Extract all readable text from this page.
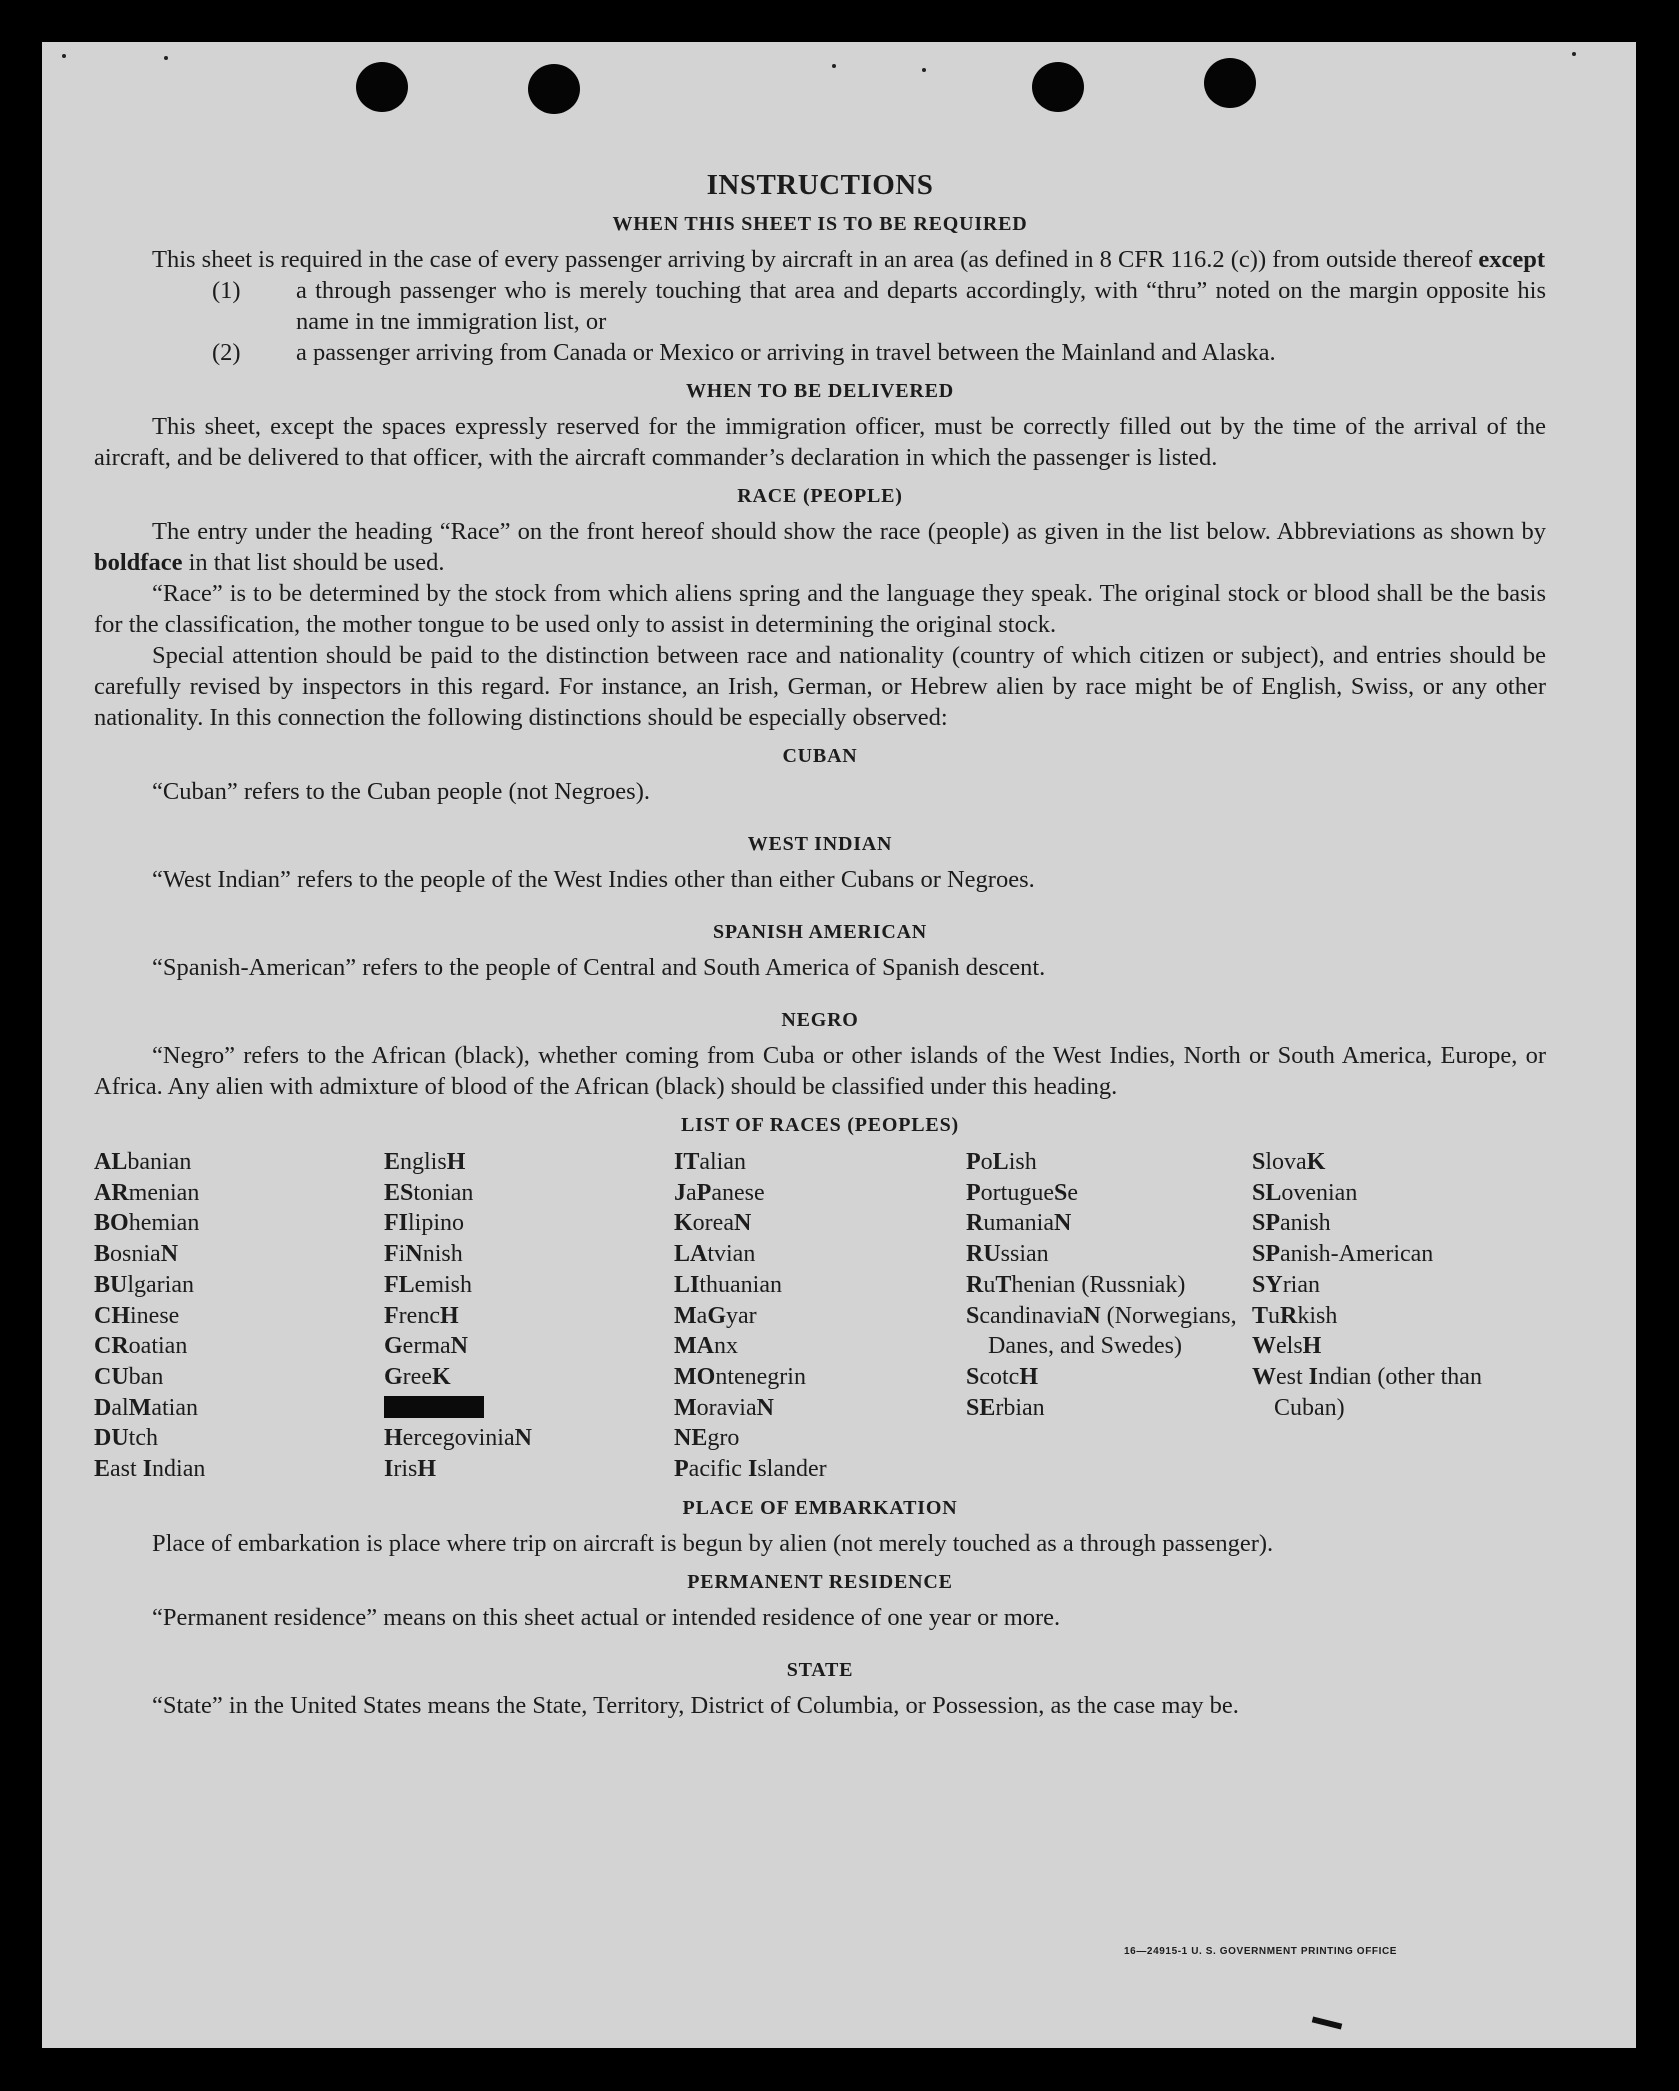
INSTRUCTIONS
WHEN THIS SHEET IS TO BE REQUIRED

This sheet is required in the case of every passenger arriving by aircraft in an area (as defined in 8 CFR 116.2 (c)) from outside thereof except

(1) a through passenger who is merely touching that area and departs accordingly, with “thru” noted on the margin opposite his name in tne immigration list, or
(2) a passenger arriving from Canada or Mexico or arriving in travel between the Mainland and Alaska.
WHEN TO BE DELIVERED

This sheet, except the spaces expressly reserved for the immigration officer, must be correctly filled out by the time of the arrival of the aircraft, and be delivered to that officer, with the aircraft commander’s declaration in which the passenger is listed.

RACE (PEOPLE)

The entry under the heading “Race” on the front hereof should show the race (people) as given in the list below. Abbreviations as shown by boldface in that list should be used.

“Race” is to be determined by the stock from which aliens spring and the language they speak. The original stock or blood shall be the basis for the classification, the mother tongue to be used only to assist in determining the original stock.

Special attention should be paid to the distinction between race and nationality (country of which citizen or subject), and entries should be carefully revised by inspectors in this regard. For instance, an Irish, German, or Hebrew alien by race might be of English, Swiss, or any other nationality. In this connection the following distinctions should be especially observed:

CUBAN

“Cuban” refers to the Cuban people (not Negroes).

WEST INDIAN

“West Indian” refers to the people of the West Indies other than either Cubans or Negroes.

SPANISH AMERICAN

“Spanish-American” refers to the people of Central and South America of Spanish descent.

NEGRO

“Negro” refers to the African (black), whether coming from Cuba or other islands of the West Indies, North or South America, Europe, or Africa. Any alien with admixture of blood of the African (black) should be classified under this heading.

LIST OF RACES (PEOPLES)
ALbanian
ARmenian
BOhemian
BosniaN
BUlgarian
CHinese
CRoatian
CUban
DalMatian
DUtch
East Indian
EnglisH
EStonian
FIlipino
FiNnish
FLemish
FrencH
GermaN
GreeK
HercegoviniaN
IrisH
ITalian
JaPanese
KoreaN
LAtvian
LIthuanian
MaGyar
MAnx
MOntenegrin
MoraviaN
NEgro
Pacific Islander
PoLish
PortugueSe
RumaniaN
RUssian
RuThenian (Russniak)
ScandinaviaN (Norwegians, Danes, and Swedes)
ScotcH
SErbian
SlovaK
SLovenian
SPanish
SPanish-American
SYrian
TuRkish
WelsH
West Indian (other than Cuban)
PLACE OF EMBARKATION

Place of embarkation is place where trip on aircraft is begun by alien (not merely touched as a through passenger).

PERMANENT RESIDENCE

“Permanent residence” means on this sheet actual or intended residence of one year or more.

STATE

“State” in the United States means the State, Territory, District of Columbia, or Possession, as the case may be.

16—24915-1 U. S. GOVERNMENT PRINTING OFFICE
